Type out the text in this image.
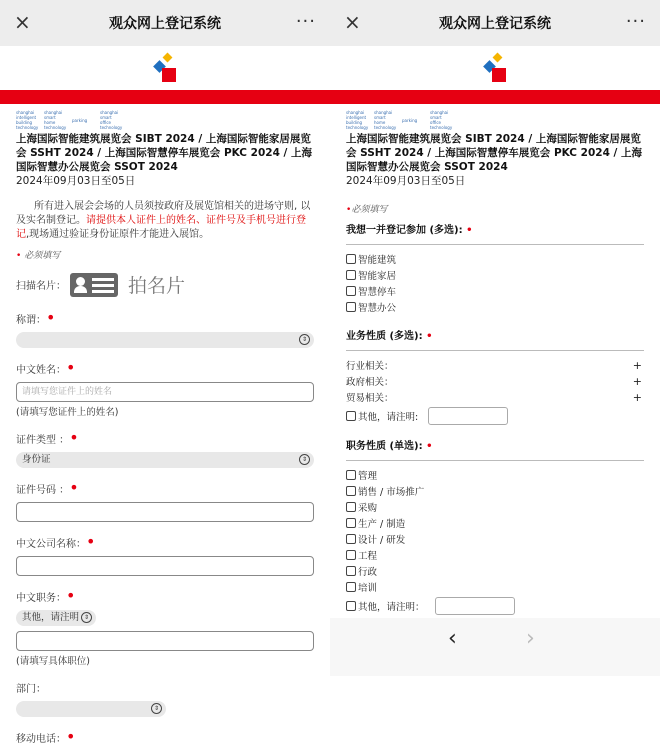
×	观众网上登记系统	···
shanghai intelligent building technology
shanghai smart home technology
parking
shanghai smart office technology
上海国际智能建筑展览会 SIBT 2024 / 上海国际智能家居展览会 SSHT 2024 / 上海国际智慧停车展览会 PKC 2024 / 上海国际智慧办公展览会 SSOT 2024
2024年09月03日至05日
所有进入展会会场的人员须按政府及展览馆相关的进场守则, 以及实名制登记。请提供本人证件上的姓名、证件号及手机号进行登记,现场通过验证身份证原件才能进入展馆。
• 必须填写
扫描名片：	拍名片
称谓：•
⇕
中文姓名：•
请填写您证件上的姓名
(请填写您证件上的姓名)
证件类型 ：•
身份证	⇕
证件号码 ：•
中文公司名称：•
中文职务：•
其他，请注明 ⇕
(请填写具体职位)
部门：
⇕
移动电话：•
×	观众网上登记系统	···
shanghai intelligent building technology
shanghai smart home technology
parking
shanghai smart office technology
上海国际智能建筑展览会 SIBT 2024 / 上海国际智能家居展览会 SSHT 2024 / 上海国际智慧停车展览会 PKC 2024 / 上海国际智慧办公展览会 SSOT 2024
2024年09月03日至05日
•必须填写
我想一并登记参加 (多选): •
智能建筑
智能家居
智慧停车
智慧办公
业务性质 (多选): •
行业相关：	+
政府相关：	+
贸易相关：	+
其他，请注明:
职务性质 (单选): •
管理
销售 / 市场推广
采购
生产 / 制造
设计 / 研发
工程
行政
培训
其他，请注明：
‹	›
